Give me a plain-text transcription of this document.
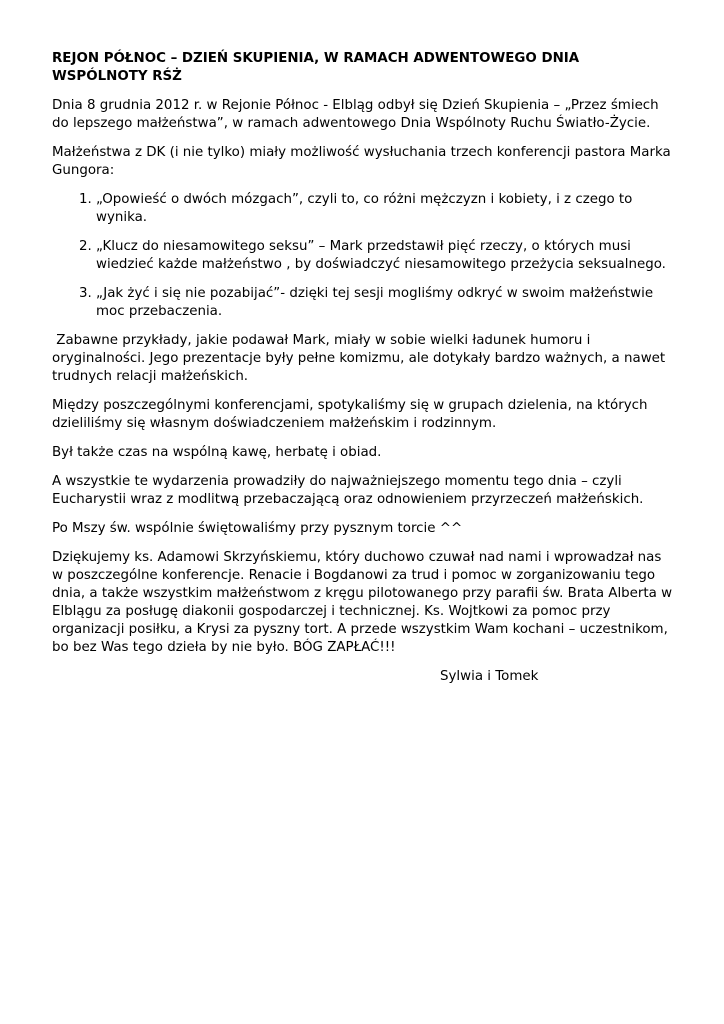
REJON PÓŁNOC – DZIEŃ SKUPIENIA, W RAMACH ADWENTOWEGO DNIA WSPÓLNOTY RŚŻ

Dnia 8 grudnia 2012 r. w Rejonie Północ - Elbląg odbył się Dzień Skupienia – „Przez śmiech do lepszego małżeństwa”, w ramach adwentowego Dnia Wspólnoty Ruchu Światło-Życie.

Małżeństwa z DK (i nie tylko) miały możliwość wysłuchania trzech konferencji pastora Marka Gungora:

1. „Opowieść o dwóch mózgach”, czyli to, co różni mężczyzn i kobiety, i z czego to wynika.
2. „Klucz do niesamowitego seksu” – Mark przedstawił pięć rzeczy, o których musi wiedzieć każde małżeństwo , by doświadczyć niesamowitego przeżycia seksualnego.
3. „Jak żyć i się nie pozabijać”- dzięki tej sesji mogliśmy odkryć w swoim małżeństwie moc przebaczenia.

Zabawne przykłady, jakie podawał Mark, miały w sobie wielki ładunek humoru i oryginalności. Jego prezentacje były pełne komizmu, ale dotykały bardzo ważnych, a nawet trudnych relacji małżeńskich.

Między poszczególnymi konferencjami, spotykaliśmy się w grupach dzielenia, na których dzieliliśmy się własnym doświadczeniem małżeńskim i rodzinnym.

Był także czas na wspólną kawę, herbatę i obiad.

A wszystkie te wydarzenia prowadziły do najważniejszego momentu tego dnia – czyli Eucharystii wraz z modlitwą przebaczającą oraz odnowieniem przyrzeczeń małżeńskich.

Po Mszy św. wspólnie świętowaliśmy przy pysznym torcie ^^

Dziękujemy ks. Adamowi Skrzyńskiemu, który duchowo czuwał nad nami i wprowadzał nas w poszczególne konferencje. Renacie i Bogdanowi za trud i pomoc w zorganizowaniu tego dnia, a także wszystkim małżeństwom z kręgu pilotowanego przy parafii św. Brata Alberta w Elblągu za posługę diakonii gospodarczej i technicznej. Ks. Wojtkowi za pomoc przy organizacji posiłku, a Krysi za pyszny tort. A przede wszystkim Wam kochani – uczestnikom, bo bez Was tego dzieła by nie było. BÓG ZAPŁAĆ!!!

Sylwia i Tomek
